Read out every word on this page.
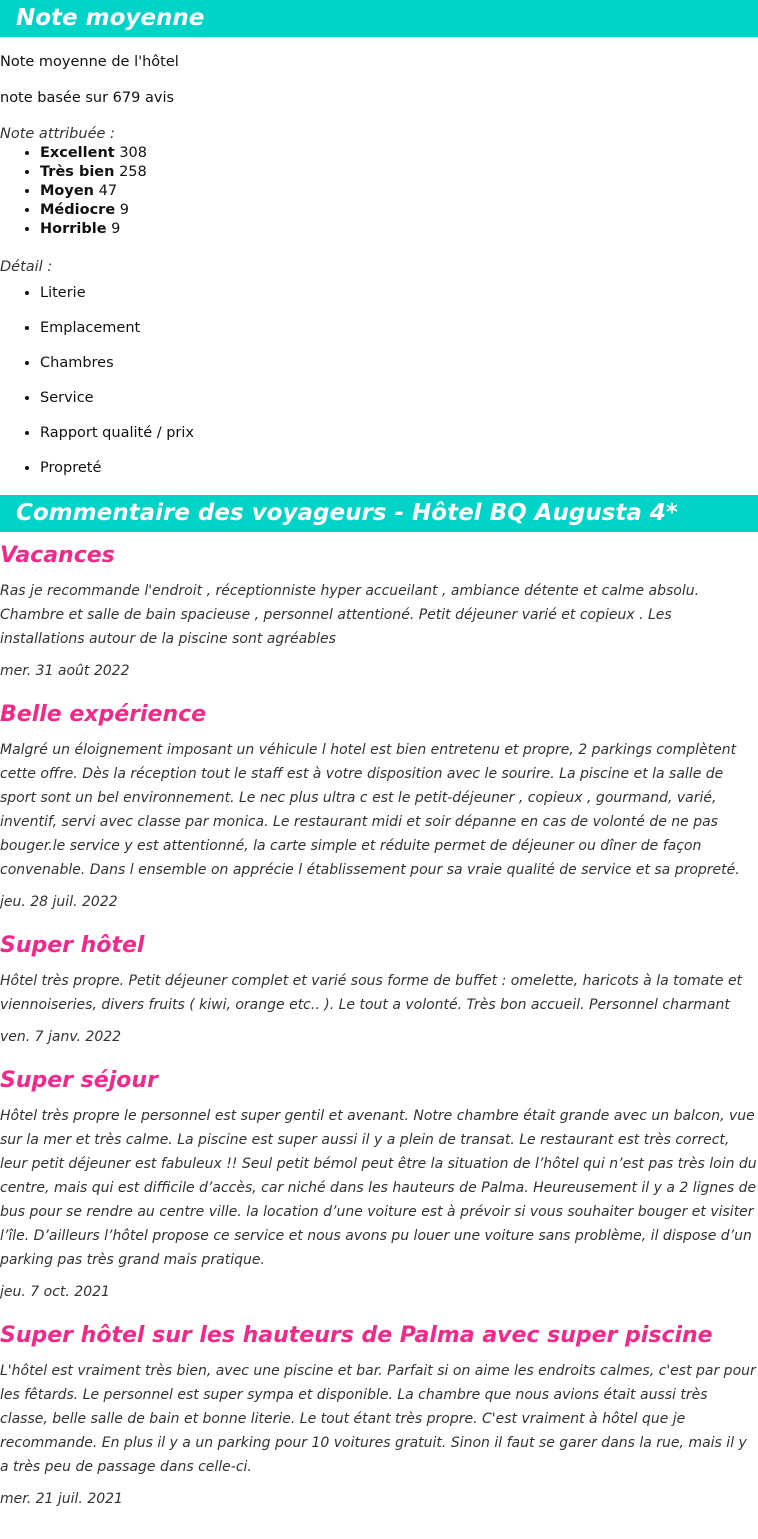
Note moyenne

Note moyenne de l'hôtel

note basée sur 679 avis

Note attribuée :

• Excellent 308
• Très bien 258
• Moyen 47
• Médiocre 9
• Horrible 9

Détail :

• Literie
• Emplacement
• Chambres
• Service
• Rapport qualité / prix
• Propreté
Commentaire des voyageurs - Hôtel BQ Augusta 4*
Vacances

Ras je recommande l'endroit , réceptionniste hyper accueilant , ambiance détente et calme absolu. Chambre et salle de bain spacieuse , personnel attentioné. Petit déjeuner varié et copieux . Les installations autour de la piscine sont agréables

mer. 31 août 2022

Belle expérience

Malgré un éloignement imposant un véhicule l hotel est bien entretenu et propre, 2 parkings complètent cette offre. Dès la réception tout le staff est à votre disposition avec le sourire. La piscine et la salle de sport sont un bel environnement. Le nec plus ultra c est le petit-déjeuner , copieux , gourmand, varié, inventif, servi avec classe par monica. Le restaurant midi et soir dépanne en cas de volonté de ne pas bouger.le service y est attentionné, la carte simple et réduite permet de déjeuner ou dîner de façon convenable. Dans l ensemble on apprécie l établissement pour sa vraie qualité de service et sa propreté.

jeu. 28 juil. 2022

Super hôtel

Hôtel très propre. Petit déjeuner complet et varié sous forme de buffet : omelette, haricots à la tomate et viennoiseries, divers fruits ( kiwi, orange etc.. ). Le tout a volonté. Très bon accueil. Personnel charmant

ven. 7 janv. 2022

Super séjour

Hôtel très propre le personnel est super gentil et avenant. Notre chambre était grande avec un balcon, vue sur la mer et très calme. La piscine est super aussi il y a plein de transat. Le restaurant est très correct, leur petit déjeuner est fabuleux !! Seul petit bémol peut être la situation de l’hôtel qui n’est pas très loin du centre, mais qui est difficile d’accès, car niché dans les hauteurs de Palma. Heureusement il y a 2 lignes de bus pour se rendre au centre ville. la location d’une voiture est à prévoir si vous souhaiter bouger et visiter l’île. D’ailleurs l’hôtel propose ce service et nous avons pu louer une voiture sans problème, il dispose d’un parking pas très grand mais pratique.

jeu. 7 oct. 2021

Super hôtel sur les hauteurs de Palma avec super piscine

L'hôtel est vraiment très bien, avec une piscine et bar. Parfait si on aime les endroits calmes, c'est par pour les fêtards. Le personnel est super sympa et disponible. La chambre que nous avions était aussi très classe, belle salle de bain et bonne literie. Le tout étant très propre. C'est vraiment à hôtel que je recommande. En plus il y a un parking pour 10 voitures gratuit. Sinon il faut se garer dans la rue, mais il y a très peu de passage dans celle-ci.

mer. 21 juil. 2021
